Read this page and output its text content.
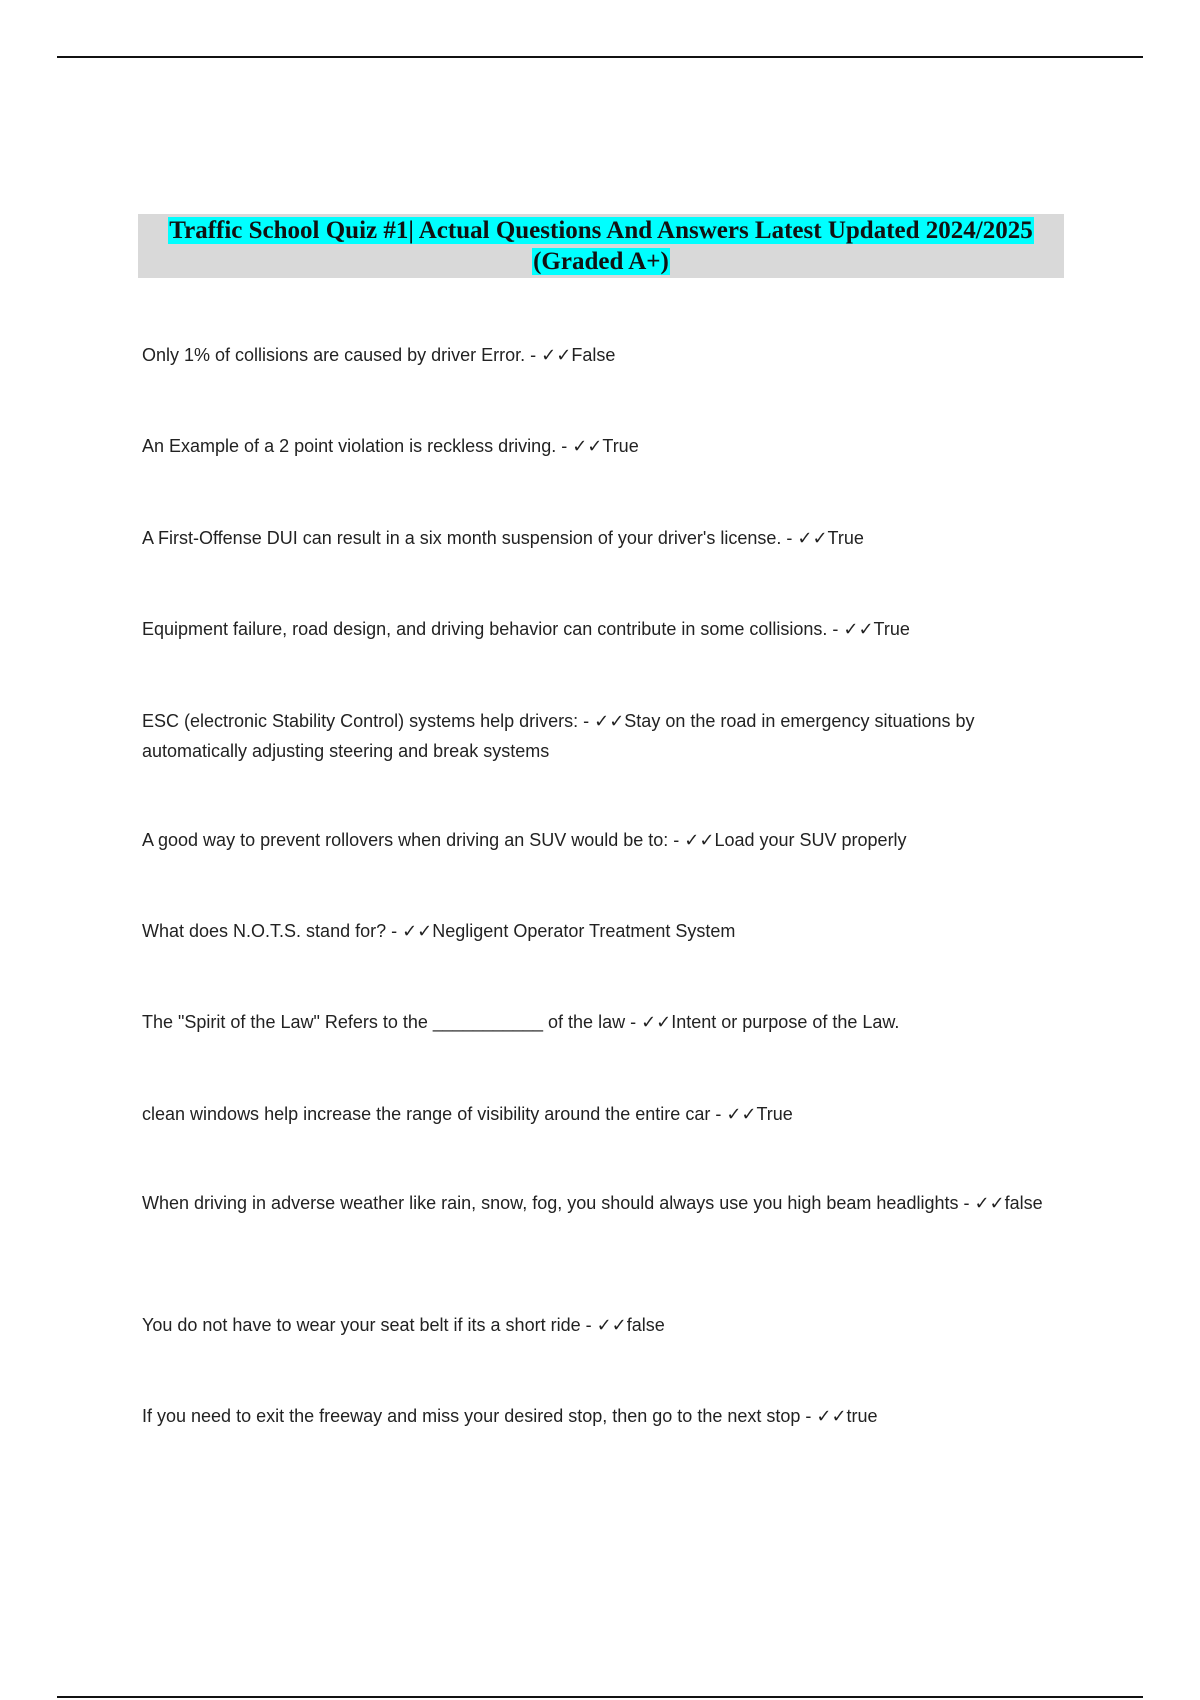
Traffic School Quiz #1| Actual Questions And Answers Latest Updated 2024/2025 (Graded A+)

Only 1% of collisions are caused by driver Error. - ✓✓False

An Example of a 2 point violation is reckless driving. - ✓✓True

A First-Offense DUI can result in a six month suspension of your driver's license. - ✓✓True

Equipment failure, road design, and driving behavior can contribute in some collisions. - ✓✓True

ESC (electronic Stability Control) systems help drivers: - ✓✓Stay on the road in emergency situations by automatically adjusting steering and break systems

A good way to prevent rollovers when driving an SUV would be to: - ✓✓Load your SUV properly

What does N.O.T.S. stand for? - ✓✓Negligent Operator Treatment System

The "Spirit of the Law" Refers to the ___________ of the law - ✓✓Intent or purpose of the Law.

clean windows help increase the range of visibility around the entire car - ✓✓True

When driving in adverse weather like rain, snow, fog, you should always use you high beam headlights - ✓✓false

You do not have to wear your seat belt if its a short ride - ✓✓false

If you need to exit the freeway and miss your desired stop, then go to the next stop - ✓✓true
